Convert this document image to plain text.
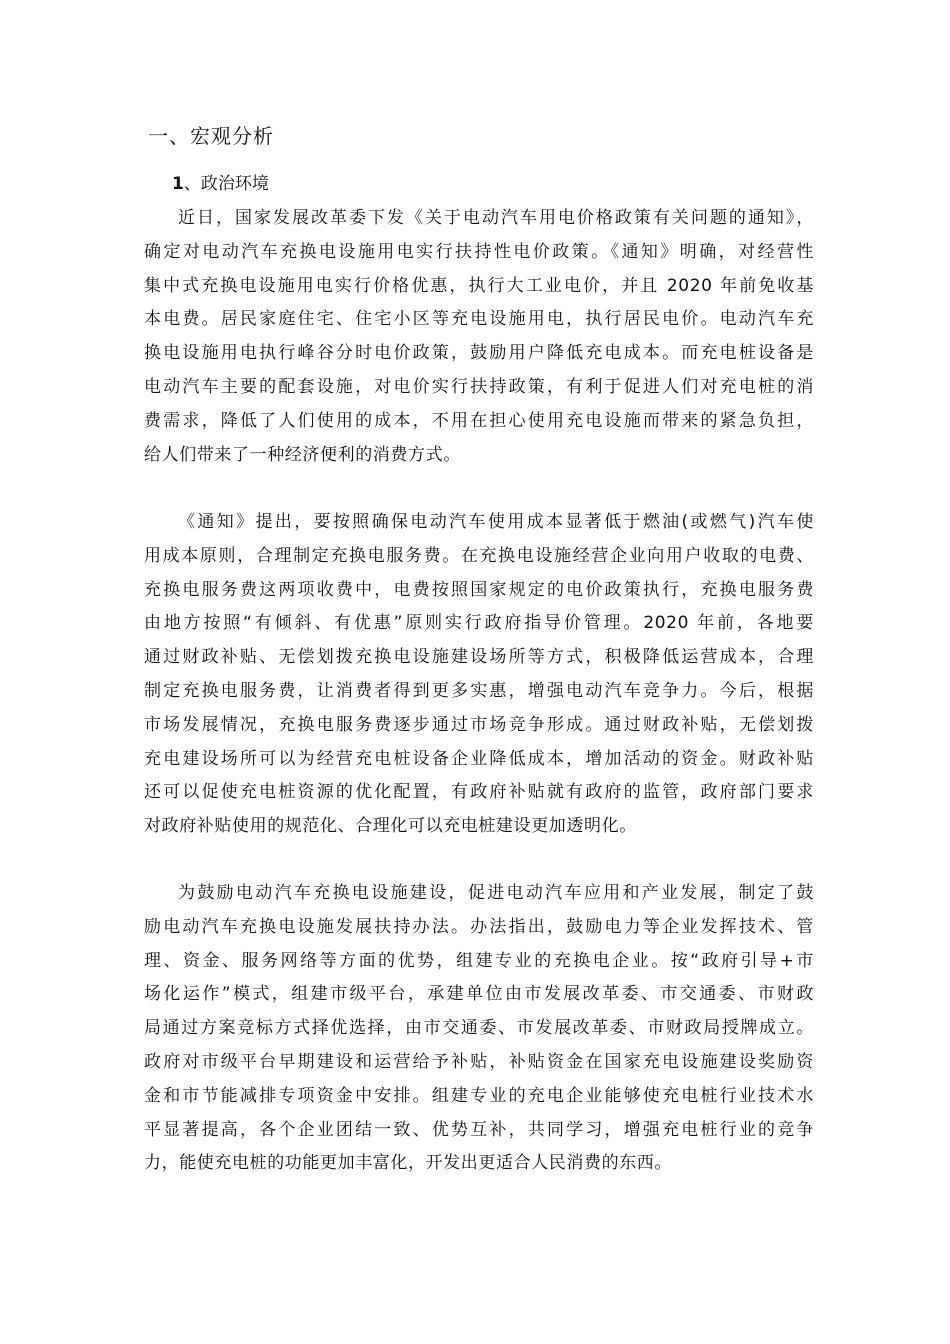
一、宏观分析
1、政治环境

近日，国家发展改革委下发《关于电动汽车用电价格政策有关问题的通知》，
确定对电动汽车充换电设施用电实行扶持性电价政策。《通知》明确，对经营性
集中式充换电设施用电实行价格优惠，执行大工业电价，并且 2020 年前免收基
本电费。居民家庭住宅、住宅小区等充电设施用电，执行居民电价。电动汽车充
换电设施用电执行峰谷分时电价政策，鼓励用户降低充电成本。而充电桩设备是
电动汽车主要的配套设施，对电价实行扶持政策，有利于促进人们对充电桩的消
费需求，降低了人们使用的成本，不用在担心使用充电设施而带来的紧急负担，
给人们带来了一种经济便利的消费方式。

《通知》提出，要按照确保电动汽车使用成本显著低于燃油(或燃气)汽车使
用成本原则，合理制定充换电服务费。在充换电设施经营企业向用户收取的电费、
充换电服务费这两项收费中，电费按照国家规定的电价政策执行，充换电服务费
由地方按照“有倾斜、有优惠”原则实行政府指导价管理。2020 年前，各地要
通过财政补贴、无偿划拨充换电设施建设场所等方式，积极降低运营成本，合理
制定充换电服务费，让消费者得到更多实惠，增强电动汽车竞争力。今后，根据
市场发展情况，充换电服务费逐步通过市场竞争形成。通过财政补贴，无偿划拨
充电建设场所可以为经营充电桩设备企业降低成本，增加活动的资金。财政补贴
还可以促使充电桩资源的优化配置，有政府补贴就有政府的监管，政府部门要求
对政府补贴使用的规范化、合理化可以充电桩建设更加透明化。

为鼓励电动汽车充换电设施建设，促进电动汽车应用和产业发展，制定了鼓
励电动汽车充换电设施发展扶持办法。办法指出，鼓励电力等企业发挥技术、管
理、资金、服务网络等方面的优势，组建专业的充换电企业。按“政府引导+市
场化运作”模式，组建市级平台，承建单位由市发展改革委、市交通委、市财政
局通过方案竞标方式择优选择，由市交通委、市发展改革委、市财政局授牌成立。
政府对市级平台早期建设和运营给予补贴，补贴资金在国家充电设施建设奖励资
金和市节能减排专项资金中安排。组建专业的充电企业能够使充电桩行业技术水
平显著提高，各个企业团结一致、优势互补，共同学习，增强充电桩行业的竞争
力，能使充电桩的功能更加丰富化，开发出更适合人民消费的东西。
